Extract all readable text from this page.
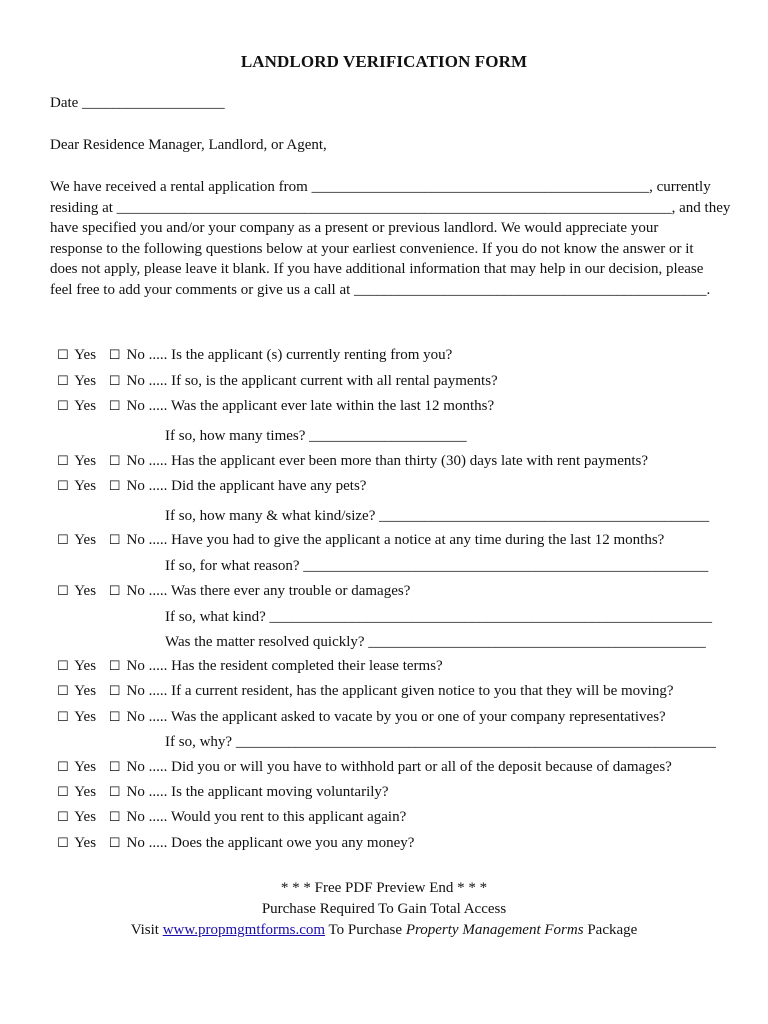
LANDLORD VERIFICATION FORM
Date ___________________
Dear Residence Manager, Landlord, or Agent,
We have received a rental application from _____________________________________________, currently
residing at __________________________________________________________________________, and they
have specified you and/or your company as a present or previous landlord. We would appreciate your
response to the following questions below at your earliest convenience. If you do not know the answer or it
does not apply, please leave it blank. If you have additional information that may help in our decision, please
feel free to add your comments or give us a call at _______________________________________________.
☐ Yes ☐ No ..... Is the applicant (s) currently renting from you?
☐ Yes ☐ No ..... If so, is the applicant current with all rental payments?
☐ Yes ☐ No ..... Was the applicant ever late within the last 12 months?
If so, how many times? _____________________
☐ Yes ☐ No ..... Has the applicant ever been more than thirty (30) days late with rent payments?
☐ Yes ☐ No ..... Did the applicant have any pets?
If so, how many & what kind/size? ____________________________________________
☐ Yes ☐ No ..... Have you had to give the applicant a notice at any time during the last 12 months?
If so, for what reason? ______________________________________________________
☐ Yes ☐ No ..... Was there ever any trouble or damages?
If so, what kind? ___________________________________________________________
Was the matter resolved quickly? _____________________________________________
☐ Yes ☐ No ..... Has the resident completed their lease terms?
☐ Yes ☐ No ..... If a current resident, has the applicant given notice to you that they will be moving?
☐ Yes ☐ No ..... Was the applicant asked to vacate by you or one of your company representatives?
If so, why? ________________________________________________________________
☐ Yes ☐ No ..... Did you or will you have to withhold part or all of the deposit because of damages?
☐ Yes ☐ No ..... Is the applicant moving voluntarily?
☐ Yes ☐ No ..... Would you rent to this applicant again?
☐ Yes ☐ No ..... Does the applicant owe you any money?
* * * Free PDF Preview End * * *
Purchase Required To Gain Total Access
Visit www.propmgmtforms.com To Purchase Property Management Forms Package
